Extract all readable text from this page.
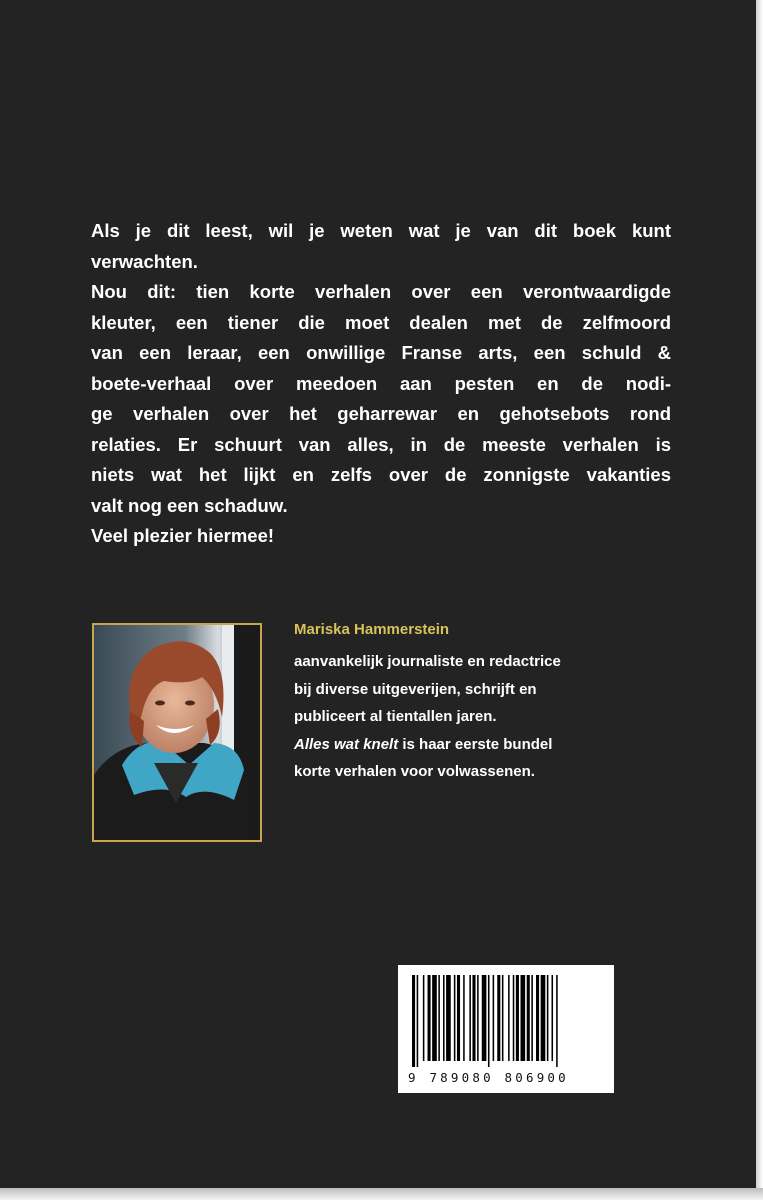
Als je dit leest, wil je weten wat je van dit boek kunt
verwachten.
Nou dit: tien korte verhalen over een verontwaardigde
kleuter, een tiener die moet dealen met de zelfmoord
van een leraar, een onwillige Franse arts, een schuld &
boete-verhaal over meedoen aan pesten en de nodi-
ge verhalen over het geharrewar en gehotsebots rond
relaties. Er schuurt van alles, in de meeste verhalen is
niets wat het lijkt en zelfs over de zonnigste vakanties
valt nog een schaduw.
Veel plezier hiermee!

Mariska Hammerstein

aanvankelijk journaliste en redactrice
bij diverse uitgeverijen, schrijft en
publiceert al tientallen jaren.
Alles wat knelt is haar eerste bundel
korte verhalen voor volwassenen.

9 789080 806900
